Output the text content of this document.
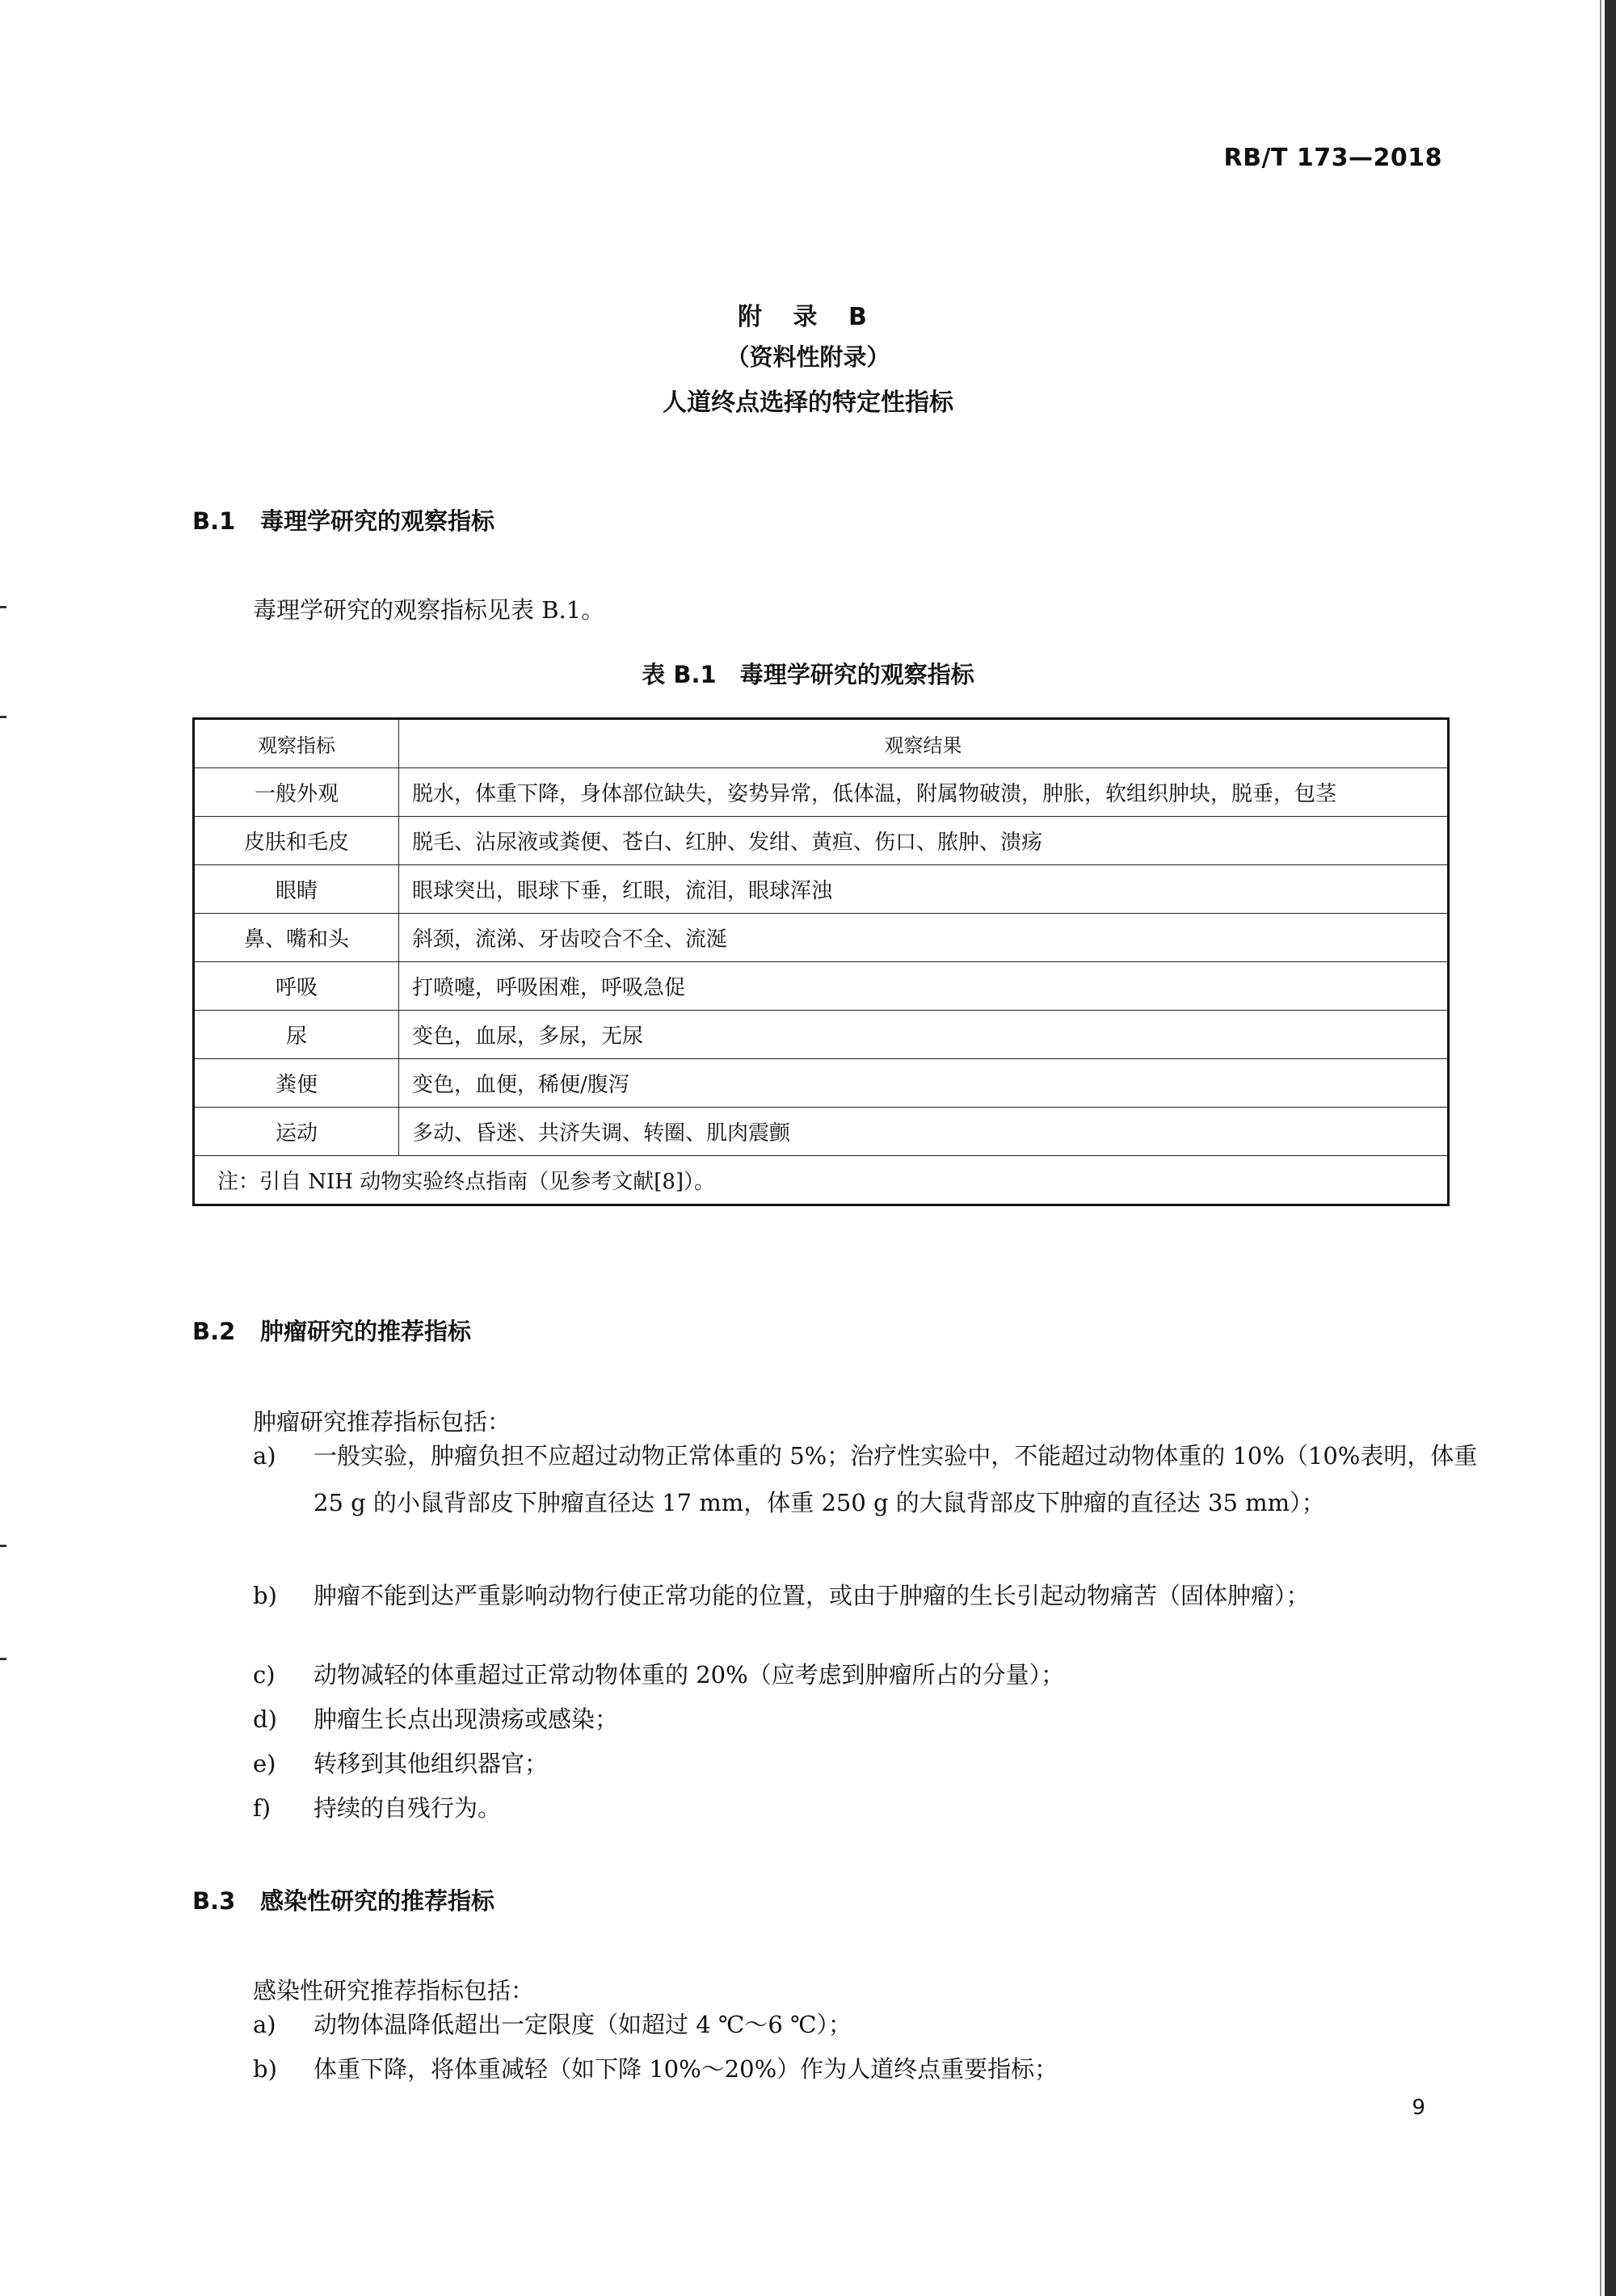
RB/T 173—2018
附 录 B
（资料性附录）
人道终点选择的特定性指标
B.1 毒理学研究的观察指标
毒理学研究的观察指标见表 B.1。
表 B.1　毒理学研究的观察指标
观察指标	观察结果
一般外观	脱水，体重下降，身体部位缺失，姿势异常，低体温，附属物破溃，肿胀，软组织肿块，脱垂，包茎
皮肤和毛皮	脱毛、沾尿液或粪便、苍白、红肿、发绀、黄疸、伤口、脓肿、溃疡
眼睛	眼球突出，眼球下垂，红眼，流泪，眼球浑浊
鼻、嘴和头	斜颈，流涕、牙齿咬合不全、流涎
呼吸	打喷嚏，呼吸困难，呼吸急促
尿	变色，血尿，多尿，无尿
粪便	变色，血便，稀便/腹泻
运动	多动、昏迷、共济失调、转圈、肌肉震颤
注：引自 NIH 动物实验终点指南（见参考文献[8]）。	
B.2 肿瘤研究的推荐指标
肿瘤研究推荐指标包括：
a)	一般实验，肿瘤负担不应超过动物正常体重的 5%；治疗性实验中，不能超过动物体重的 10%（10%表明，体重 25 g 的小鼠背部皮下肿瘤直径达 17 mm，体重 250 g 的大鼠背部皮下肿瘤的直径达 35 mm）；
b)	肿瘤不能到达严重影响动物行使正常功能的位置，或由于肿瘤的生长引起动物痛苦（固体肿瘤）；
c)	动物减轻的体重超过正常动物体重的 20%（应考虑到肿瘤所占的分量）；
d)	肿瘤生长点出现溃疡或感染；
e)	转移到其他组织器官；
f)	持续的自残行为。
B.3 感染性研究的推荐指标
感染性研究推荐指标包括：
a)	动物体温降低超出一定限度（如超过 4 ℃～6 ℃）；
b)	体重下降，将体重减轻（如下降 10%～20%）作为人道终点重要指标；
9
